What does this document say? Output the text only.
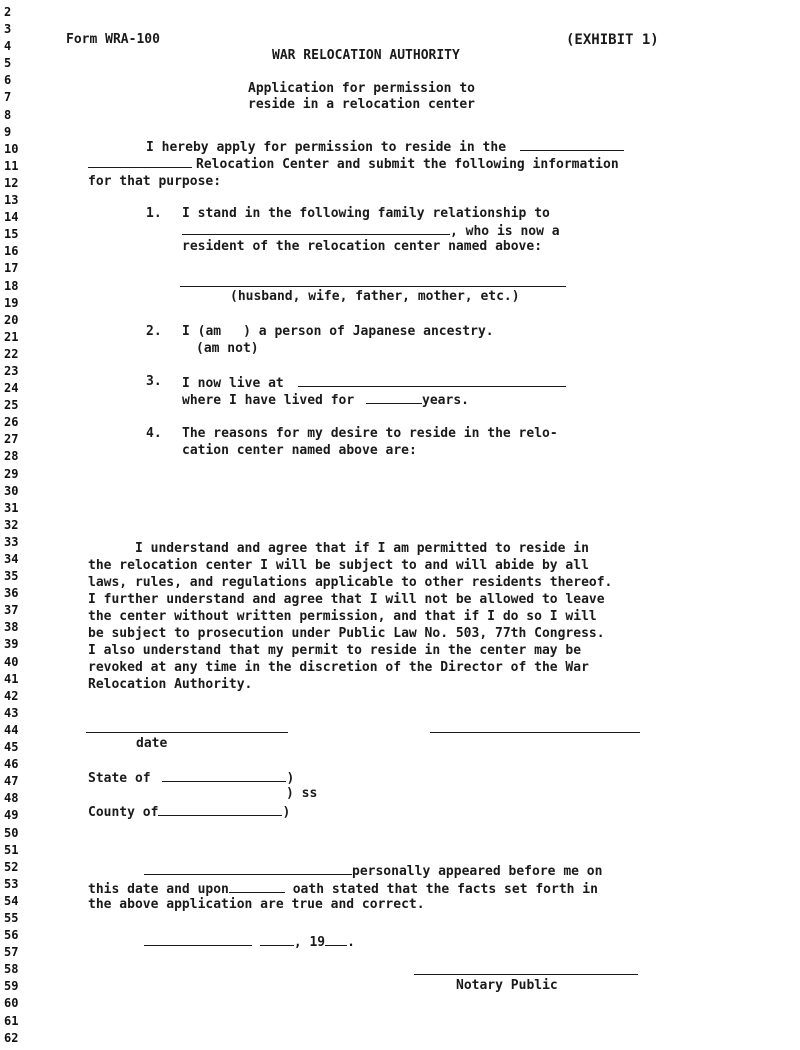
2
3
4
5
6
7
8
9
10
11
12
13
14
15
16
17
18
19
20
21
22
23
24
25
26
27
28
29
30
31
32
33
34
35
36
37
38
39
40
41
42
43
44
45
46
47
48
49
50
51
52
53
54
55
56
57
58
59
60
61
62
Form WRA-100	(EXHIBIT 1)
WAR RELOCATION AUTHORITY
Application for permission to
reside in a relocation center
I hereby apply for permission to reside in the
Relocation Center and submit the following information
for that purpose:
1. I stand in the following family relationship to
, who is now a
resident of the relocation center named above:
(husband, wife, father, mother, etc.)
2. I (am ) a person of Japanese ancestry.
(am not)
3. I now live at
where I have lived for	years.
4. The reasons for my desire to reside in the relo-
cation center named above are:
I understand and agree that if I am permitted to reside in
the relocation center I will be subject to and will abide by all
laws, rules, and regulations applicable to other residents thereof.
I further understand and agree that I will not be allowed to leave
the center without written permission, and that if I do so I will
be subject to prosecution under Public Law No. 503, 77th Congress.
I also understand that my permit to reside in the center may be
revoked at any time in the discretion of the Director of the War
Relocation Authority.
date
State of	)
) ss
County of	)
personally appeared before me on
this date and upon	oath stated that the facts set forth in
the above application are true and correct.
, 19 .
Notary Public
